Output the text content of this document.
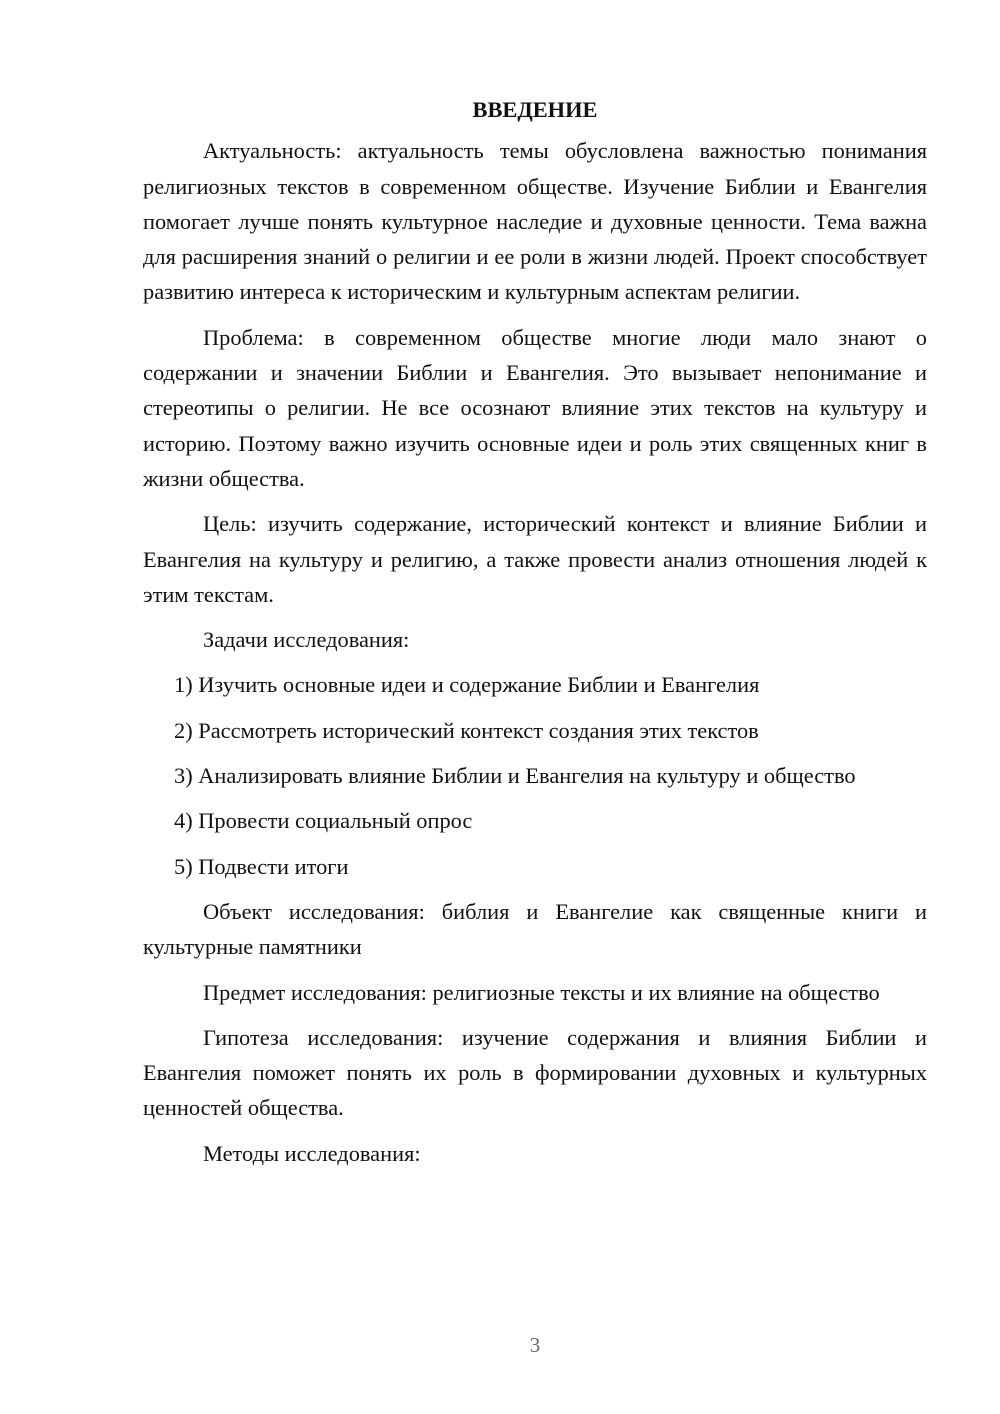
ВВЕДЕНИЕ

Актуальность: актуальность темы обусловлена важностью понимания религиозных текстов в современном обществе. Изучение Библии и Евангелия помогает лучше понять культурное наследие и духовные ценности. Тема важна для расширения знаний о религии и ее роли в жизни людей. Проект способствует развитию интереса к историческим и культурным аспектам религии.

Проблема: в современном обществе многие люди мало знают о содержании и значении Библии и Евангелия. Это вызывает непонимание и стереотипы о религии. Не все осознают влияние этих текстов на культуру и историю. Поэтому важно изучить основные идеи и роль этих священных книг в жизни общества.

Цель: изучить содержание, исторический контекст и влияние Библии и Евангелия на культуру и религию, а также провести анализ отношения людей к этим текстам.

Задачи исследования:

1) Изучить основные идеи и содержание Библии и Евангелия

2) Рассмотреть исторический контекст создания этих текстов

3) Анализировать влияние Библии и Евангелия на культуру и общество

4) Провести социальный опрос

5) Подвести итоги

Объект исследования: библия и Евангелие как священные книги и культурные памятники

Предмет исследования: религиозные тексты и их влияние на общество

Гипотеза исследования: изучение содержания и влияния Библии и Евангелия поможет понять их роль в формировании духовных и культурных ценностей общества.

Методы исследования:

3
